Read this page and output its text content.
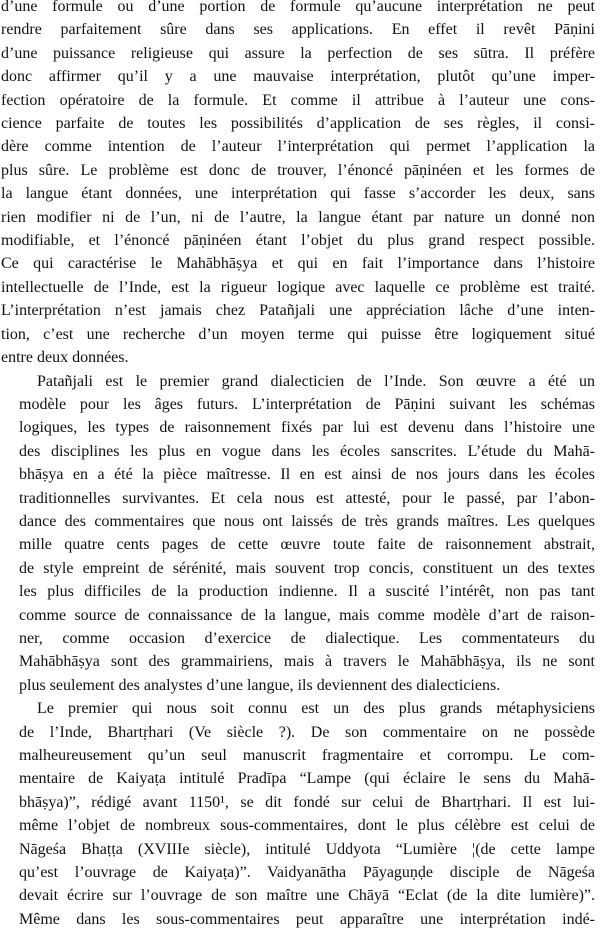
d’une formule ou d’une portion de formule qu’aucune interprétation ne peut
rendre parfaitement sûre dans ses applications. En effet il revêt Pāṇini
d’une puissance religieuse qui assure la perfection de ses sūtra. Il préfère
donc affirmer qu’il y a une mauvaise interprétation, plutôt qu’une imper-
fection opératoire de la formule. Et comme il attribue à l’auteur une cons-
cience parfaite de toutes les possibilités d’application de ses règles, il consi-
dère comme intention de l’auteur l’interprétation qui permet l’application la
plus sûre. Le problème est donc de trouver, l’énoncé pāṇinéen et les formes de
la langue étant données, une interprétation qui fasse s’accorder les deux, sans
rien modifier ni de l’un, ni de l’autre, la langue étant par nature un donné non
modifiable, et l’énoncé pāṇinéen étant l’objet du plus grand respect possible.
Ce qui caractérise le Mahābhāṣya et qui en fait l’importance dans l’histoire
intellectuelle de l’Inde, est la rigueur logique avec laquelle ce problème est traité.
L’interprétation n’est jamais chez Patañjali une appréciation lâche d’une inten-
tion, c’est une recherche d’un moyen terme qui puisse être logiquement situé
entre deux données.

Patañjali est le premier grand dialecticien de l’Inde. Son œuvre a été un
modèle pour les âges futurs. L’interprétation de Pāṇini suivant les schémas
logiques, les types de raisonnement fixés par lui est devenu dans l’histoire une
des disciplines les plus en vogue dans les écoles sanscrites. L’étude du Mahā-
bhāṣya en a été la pièce maîtresse. Il en est ainsi de nos jours dans les écoles
traditionnelles survivantes. Et cela nous est attesté, pour le passé, par l’abon-
dance des commentaires que nous ont laissés de très grands maîtres. Les quelques
mille quatre cents pages de cette œuvre toute faite de raisonnement abstrait,
de style empreint de sérénité, mais souvent trop concis, constituent un des textes
les plus difficiles de la production indienne. Il a suscité l’intérêt, non pas tant
comme source de connaissance de la langue, mais comme modèle d’art de raison-
ner, comme occasion d’exercice de dialectique. Les commentateurs du
Mahābhāṣya sont des grammairiens, mais à travers le Mahābhāṣya, ils ne sont
plus seulement des analystes d’une langue, ils deviennent des dialecticiens.

Le premier qui nous soit connu est un des plus grands métaphysiciens
de l’Inde, Bhartṛhari (Ve siècle ?). De son commentaire on ne possède
malheureusement qu’un seul manuscrit fragmentaire et corrompu. Le com-
mentaire de Kaiyaṭa intitulé Pradīpa “Lampe (qui éclaire le sens du Mahā-
bhāṣya)”, rédigé avant 1150¹, se dit fondé sur celui de Bhartṛhari. Il est lui-
même l’objet de nombreux sous-commentaires, dont le plus célèbre est celui de
Nāgeśa Bhaṭṭa (XVIIIe siècle), intitulé Uddyota “Lumière ¦(de cette lampe
qu’est l’ouvrage de Kaiyaṭa)”. Vaidyanātha Pāyaguṇḍe disciple de Nāgeśa
devait écrire sur l’ouvrage de son maître une Chāyā “Eclat (de la dite lumière)”.
Même dans les sous-commentaires peut apparaître une interprétation indé-
